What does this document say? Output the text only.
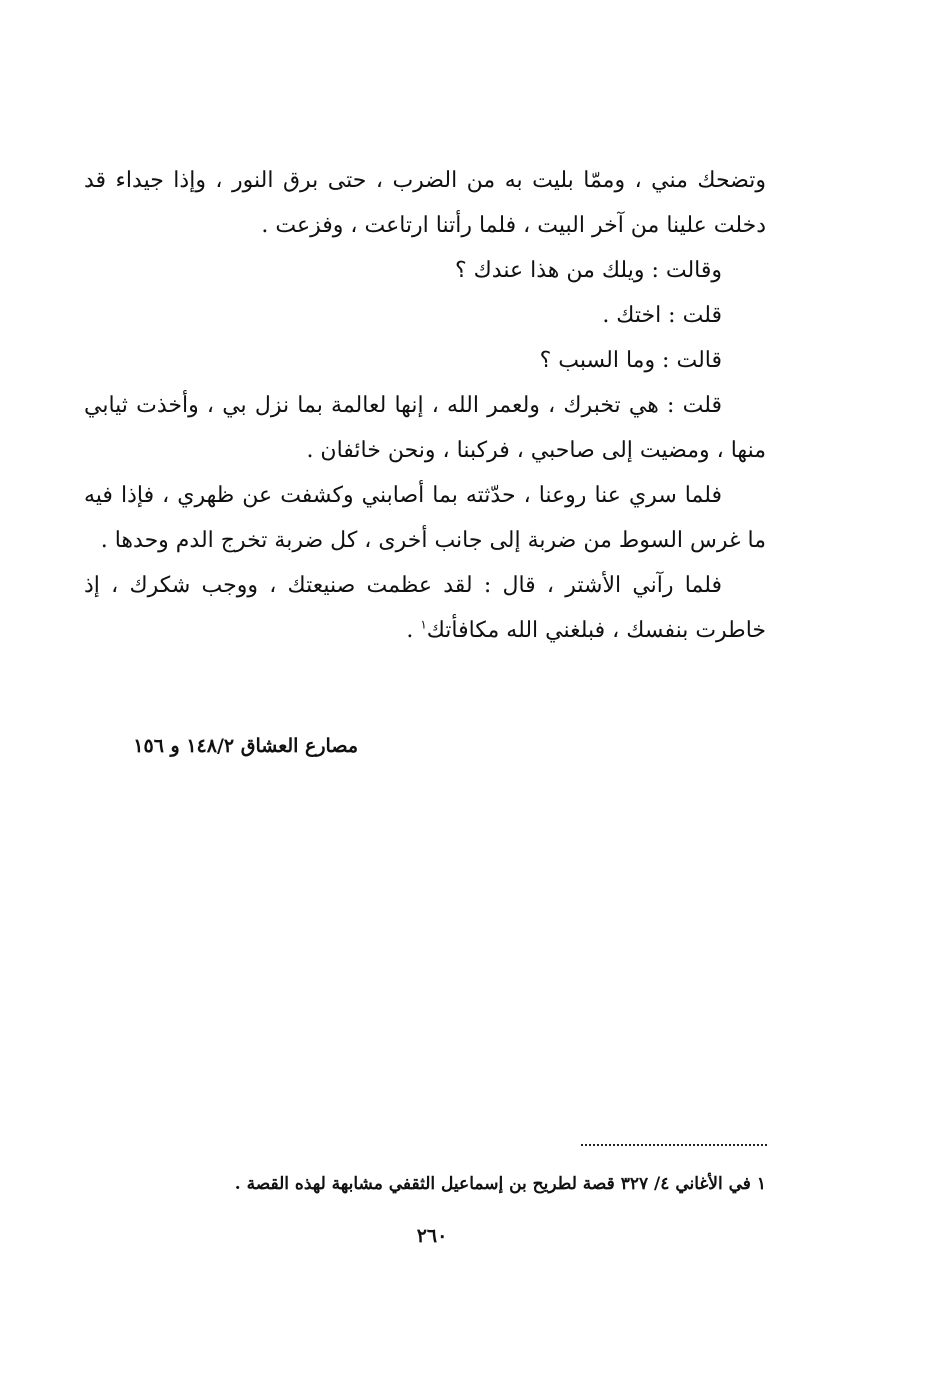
وتضحك مني ، وممّا بليت به من الضرب ، حتى برق النور ، وإذا جيداء قد دخلت علينا من آخر البيت ، فلما رأتنا ارتاعت ، وفزعت .

وقالت : ويلك من هذا عندك ؟

قلت : اختك .

قالت : وما السبب ؟

قلت : هي تخبرك ، ولعمر الله ، إنها لعالمة بما نزل بي ، وأخذت ثيابي منها ، ومضيت إلى صاحبي ، فركبنا ، ونحن خائفان .

فلما سري عنا روعنا ، حدّثته بما أصابني وكشفت عن ظهري ، فإذا فيه ما غرس السوط من ضربة إلى جانب أخرى ، كل ضربة تخرج الدم وحدها .

فلما رآني الأشتر ، قال : لقد عظمت صنيعتك ، ووجب شكرك ، إذ خاطرت بنفسك ، فبلغني الله مكافأتك$^١$ .

مصارع العشاق ١٤٨/٢ و ١٥٦
١ في الأغاني ٤/ ٣٢٧ قصة لطريح بن إسماعيل الثقفي مشابهة لهذه القصة .
٢٦٠
